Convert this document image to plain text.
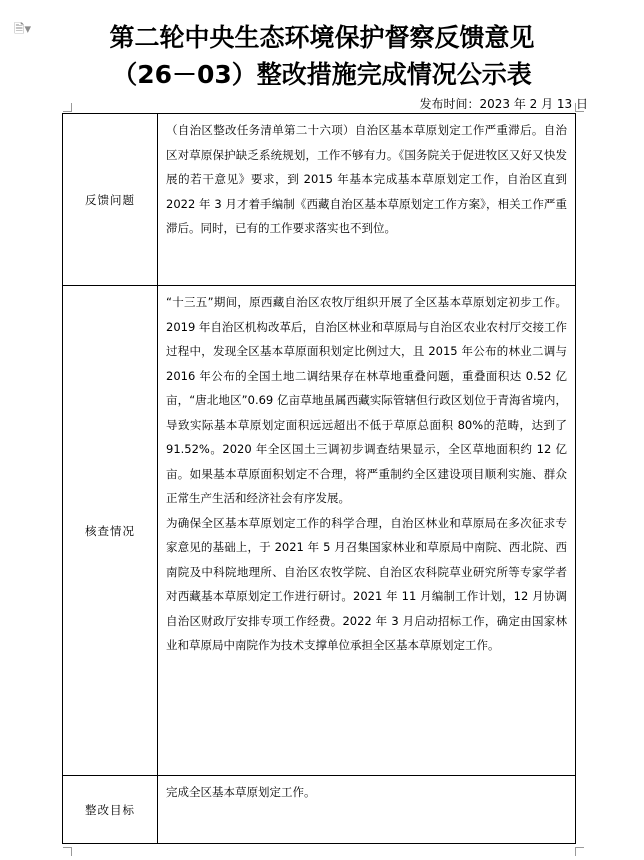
🗎▾	第二轮中央生态环境保护督察反馈意见
（26－03）整改措施完成情况公示表
发布时间：2023 年 2 月 13 日
反馈问题	（自治区整改任务清单第二十六项）自治区基本草原划定工作严重滞后。自治区对草原保护缺乏系统规划，工作不够有力。《国务院关于促进牧区又好又快发展的若干意见》要求，到 2015 年基本完成基本草原划定工作，自治区直到 2022 年 3 月才着手编制《西藏自治区基本草原划定工作方案》，相关工作严重滞后。同时，已有的工作要求落实也不到位。

核查情况	“十三五”期间，原西藏自治区农牧厅组织开展了全区基本草原划定初步工作。2019 年自治区机构改革后，自治区林业和草原局与自治区农业农村厅交接工作过程中，发现全区基本草原面积划定比例过大，且 2015 年公布的林业二调与 2016 年公布的全国土地二调结果存在林草地重叠问题，重叠面积达 0.52 亿亩，“唐北地区”0.69 亿亩草地虽属西藏实际管辖但行政区划位于青海省境内，导致实际基本草原划定面积远远超出不低于草原总面积 80%的范畴，达到了 91.52%。2020 年全区国土三调初步调查结果显示，全区草地面积约 12 亿亩。如果基本草原面积划定不合理，将严重制约全区建设项目顺利实施、群众正常生产生活和经济社会有序发展。

为确保全区基本草原划定工作的科学合理，自治区林业和草原局在多次征求专家意见的基础上，于 2021 年 5 月召集国家林业和草原局中南院、西北院、西南院及中科院地理所、自治区农牧学院、自治区农科院草业研究所等专家学者对西藏基本草原划定工作进行研讨。2021 年 11 月编制工作计划，12 月协调自治区财政厅安排专项工作经费。2022 年 3 月启动招标工作，确定由国家林业和草原局中南院作为技术支撑单位承担全区基本草原划定工作。

整改目标	完成全区基本草原划定工作。
